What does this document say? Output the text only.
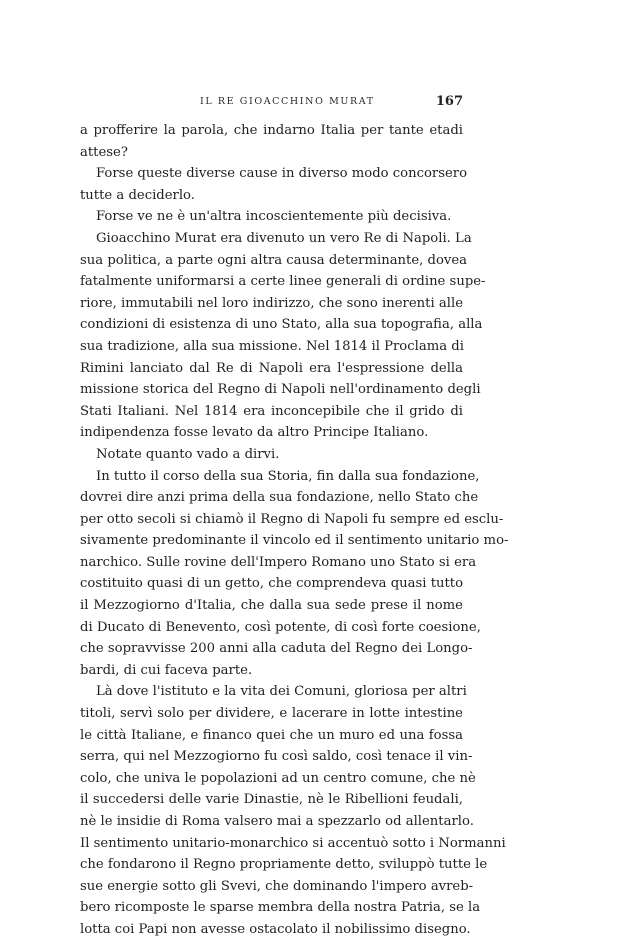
IL RE GIOACCHINO MURAT	167
a profferire la parola, che indarno Italia per tante etadi
attese?
Forse queste diverse cause in diverso modo concorsero
tutte a deciderlo.
Forse ve ne è un'altra incoscientemente più decisiva.
Gioacchino Murat era divenuto un vero Re di Napoli. La
sua politica, a parte ogni altra causa determinante, dovea
fatalmente uniformarsi a certe linee generali di ordine supe-
riore, immutabili nel loro indirizzo, che sono inerenti alle
condizioni di esistenza di uno Stato, alla sua topografia, alla
sua tradizione, alla sua missione. Nel 1814 il Proclama di
Rimini lanciato dal Re di Napoli era l'espressione della
missione storica del Regno di Napoli nell'ordinamento degli
Stati Italiani. Nel 1814 era inconcepibile che il grido di
indipendenza fosse levato da altro Principe Italiano.
Notate quanto vado a dirvi.
In tutto il corso della sua Storia, fin dalla sua fondazione,
dovrei dire anzi prima della sua fondazione, nello Stato che
per otto secoli si chiamò il Regno di Napoli fu sempre ed esclu-
sivamente predominante il vincolo ed il sentimento unitario mo-
narchico. Sulle rovine dell'Impero Romano uno Stato si era
costituito quasi di un getto, che comprendeva quasi tutto
il Mezzogiorno d'Italia, che dalla sua sede prese il nome
di Ducato di Benevento, così potente, di così forte coesione,
che sopravvisse 200 anni alla caduta del Regno dei Longo-
bardi, di cui faceva parte.
Là dove l'istituto e la vita dei Comuni, gloriosa per altri
titoli, servì solo per dividere, e lacerare in lotte intestine
le città Italiane, e financo quei che un muro ed una fossa
serra, qui nel Mezzogiorno fu così saldo, così tenace il vin-
colo, che univa le popolazioni ad un centro comune, che nè
il succedersi delle varie Dinastie, nè le Ribellioni feudali,
nè le insidie di Roma valsero mai a spezzarlo od allentarlo.
Il sentimento unitario-monarchico si accentuò sotto i Normanni
che fondarono il Regno propriamente detto, sviluppò tutte le
sue energie sotto gli Svevi, che dominando l'impero avreb-
bero ricomposte le sparse membra della nostra Patria, se la
lotta coi Papi non avesse ostacolato il nobilissimo disegno.
